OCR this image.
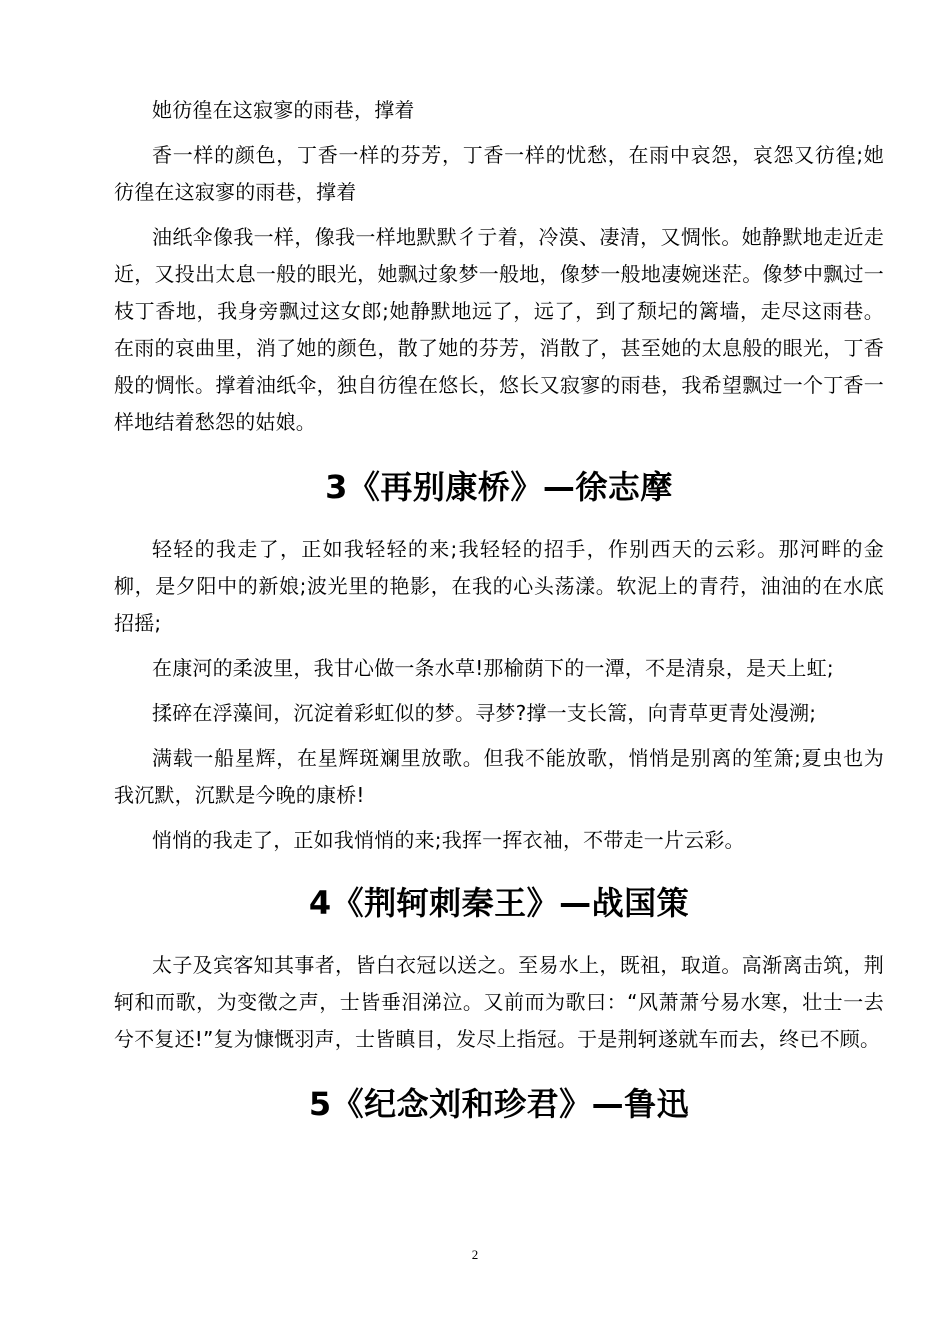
她彷徨在这寂寥的雨巷，撑着

香一样的颜色，丁香一样的芬芳，丁香一样的忧愁，在雨中哀怨，哀怨又彷徨;她彷徨在这寂寥的雨巷，撑着

油纸伞像我一样，像我一样地默默彳亍着，冷漠、凄清，又惆怅。她静默地走近走近，又投出太息一般的眼光，她飘过象梦一般地，像梦一般地凄婉迷茫。像梦中飘过一枝丁香地，我身旁飘过这女郎;她静默地远了，远了，到了颓圮的篱墙，走尽这雨巷。在雨的哀曲里，消了她的颜色，散了她的芬芳，消散了，甚至她的太息般的眼光，丁香般的惆怅。撑着油纸伞，独自彷徨在悠长，悠长又寂寥的雨巷，我希望飘过一个丁香一样地结着愁怨的姑娘。

3《再别康桥》—徐志摩

轻轻的我走了，正如我轻轻的来;我轻轻的招手，作别西天的云彩。那河畔的金柳，是夕阳中的新娘;波光里的艳影，在我的心头荡漾。软泥上的青荇，油油的在水底招摇;

在康河的柔波里，我甘心做一条水草!那榆荫下的一潭，不是清泉，是天上虹;

揉碎在浮藻间，沉淀着彩虹似的梦。寻梦?撑一支长篙，向青草更青处漫溯;

满载一船星辉，在星辉斑斓里放歌。但我不能放歌，悄悄是别离的笙箫;夏虫也为我沉默，沉默是今晚的康桥!

悄悄的我走了，正如我悄悄的来;我挥一挥衣袖，不带走一片云彩。

4《荆轲刺秦王》—战国策

太子及宾客知其事者，皆白衣冠以送之。至易水上，既祖，取道。高渐离击筑，荆轲和而歌，为变徵之声，士皆垂泪涕泣。又前而为歌曰：“风萧萧兮易水寒，壮士一去兮不复还!”复为慷慨羽声，士皆瞋目，发尽上指冠。于是荆轲遂就车而去，终已不顾。

5《纪念刘和珍君》—鲁迅
2
